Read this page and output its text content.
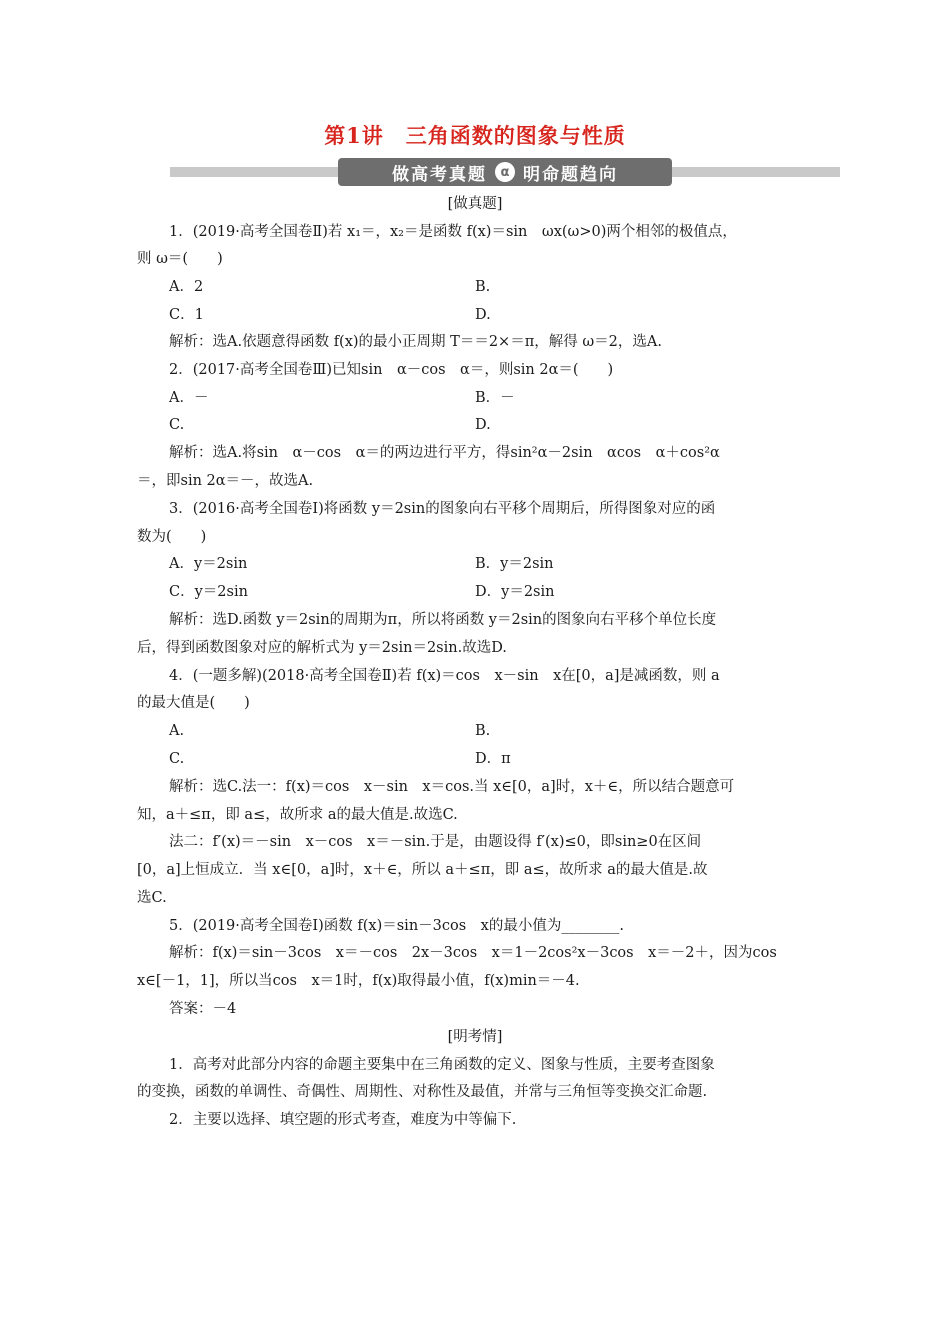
第1讲　三角函数的图象与性质
做高考真题	α 明命题趋向
[做真题]
1．(2019·高考全国卷Ⅱ)若 x₁＝，x₂＝是函数 f(x)＝sin　ωx(ω>0)两个相邻的极值点，
则 ω＝(　　)
A．2	B.
C．1	D.
解析：选A.依题意得函数 f(x)的最小正周期 T＝＝2×＝π，解得 ω＝2，选A.
2．(2017·高考全国卷Ⅲ)已知sin　α－cos　α＝，则sin 2α＝(　　)
A．－	B．－
C.	D.
解析：选A.将sin　α－cos　α＝的两边进行平方，得sin²α－2sin　αcos　α＋cos²α
＝，即sin 2α＝－，故选A.
3．(2016·高考全国卷Ⅰ)将函数 y＝2sin的图象向右平移个周期后，所得图象对应的函
数为(　　)
A．y＝2sin	B．y＝2sin
C．y＝2sin	D．y＝2sin
解析：选D.函数 y＝2sin的周期为π，所以将函数 y＝2sin的图象向右平移个单位长度
后，得到函数图象对应的解析式为 y＝2sin＝2sin.故选D.
4．(一题多解)(2018·高考全国卷Ⅱ)若 f(x)＝cos　x－sin　x在[0，a]是减函数，则 a
的最大值是(　　)
A.	B.
C.	D．π
解析：选C.法一：f(x)＝cos　x－sin　x＝cos.当 x∈[0，a]时，x＋∈，所以结合题意可
知，a＋≤π，即 a≤，故所求 a的最大值是.故选C.
法二：f′(x)＝－sin　x－cos　x＝－sin.于是，由题设得 f′(x)≤0，即sin≥0在区间
[0，a]上恒成立．当 x∈[0，a]时，x＋∈，所以 a＋≤π，即 a≤，故所求 a的最大值是.故
选C.
5．(2019·高考全国卷Ⅰ)函数 f(x)＝sin－3cos　x的最小值为________.
解析：f(x)＝sin－3cos　x＝－cos　2x－3cos　x＝1－2cos²x－3cos　x＝－2＋，因为cos
x∈[－1，1]，所以当cos　x＝1时，f(x)取得最小值，f(x)min＝－4.
答案：－4
[明考情]
1．高考对此部分内容的命题主要集中在三角函数的定义、图象与性质，主要考查图象
的变换，函数的单调性、奇偶性、周期性、对称性及最值，并常与三角恒等变换交汇命题.
2．主要以选择、填空题的形式考查，难度为中等偏下.
